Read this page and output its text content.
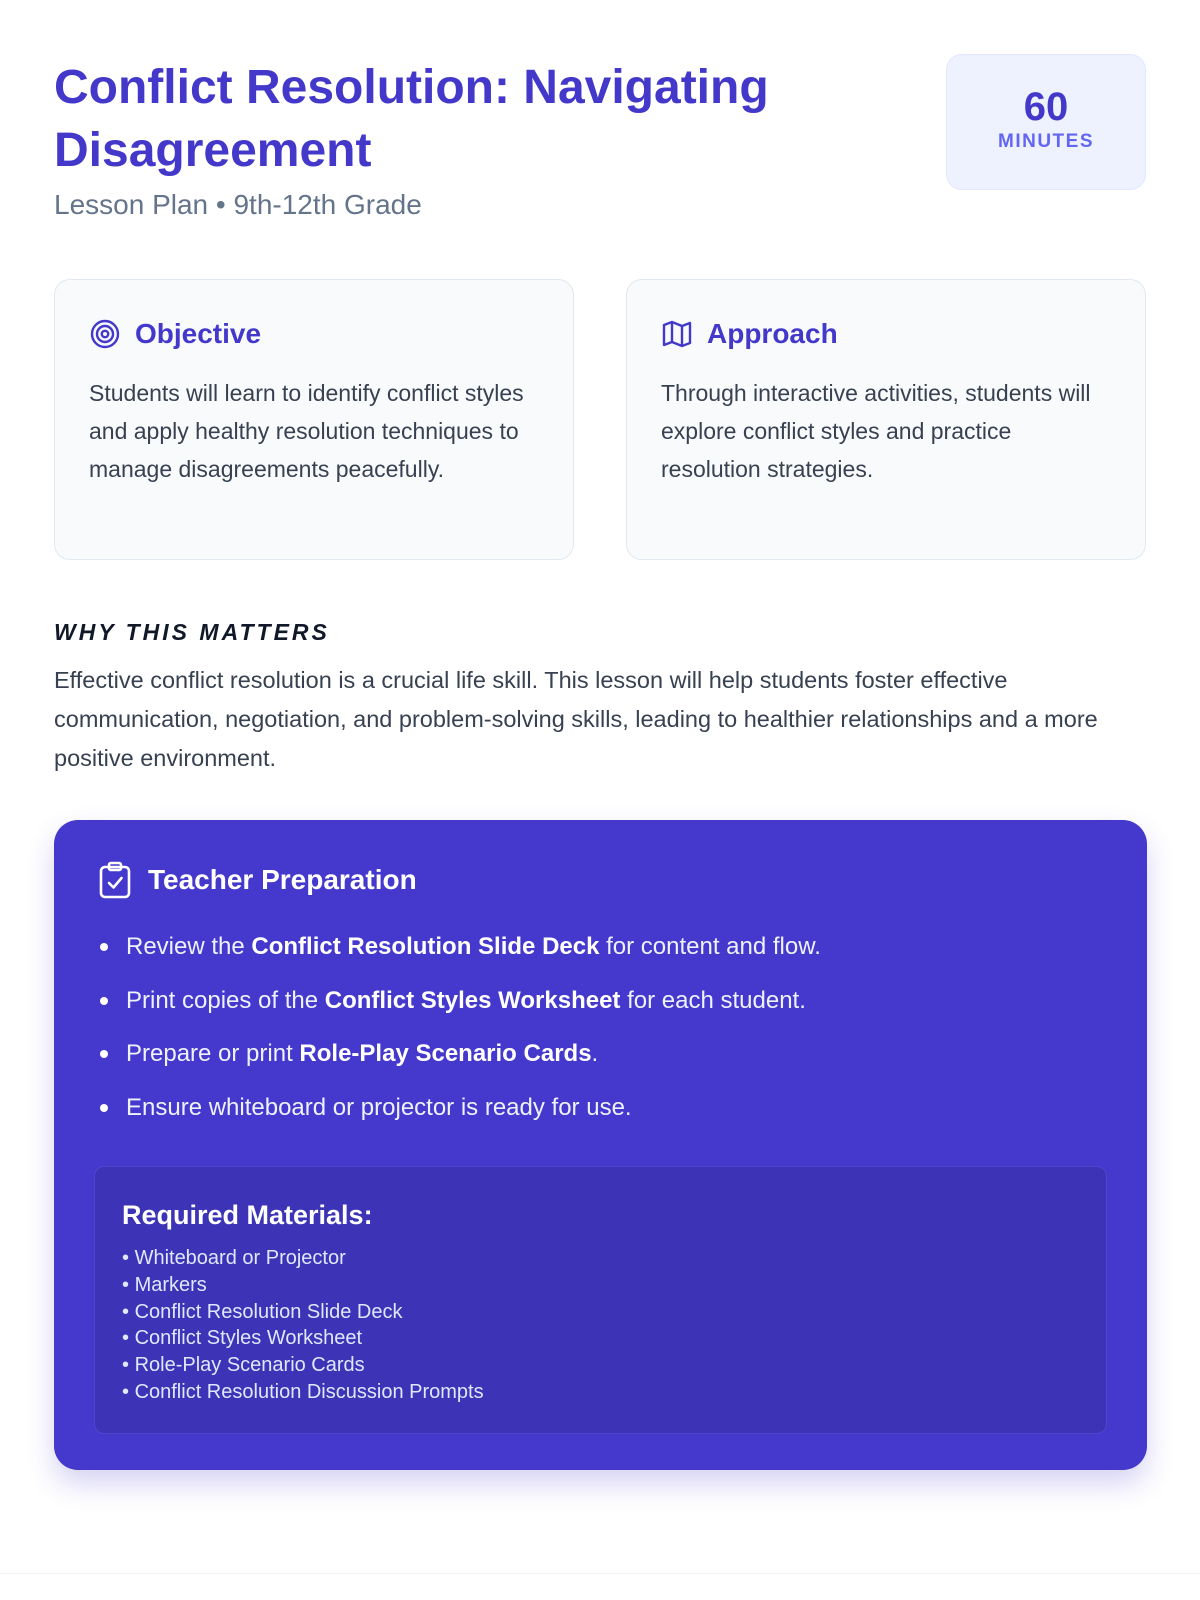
Conflict Resolution: Navigating Disagreement
Lesson Plan • 9th-12th Grade
60
MINUTES
Objective

Students will learn to identify conflict styles and apply healthy resolution techniques to manage disagreements peacefully.

Approach

Through interactive activities, students will explore conflict styles and practice resolution strategies.

WHY THIS MATTERS

Effective conflict resolution is a crucial life skill. This lesson will help students foster effective communication, negotiation, and problem-solving skills, leading to healthier relationships and a more positive environment.

Teacher Preparation
Review the Conflict Resolution Slide Deck for content and flow.
Print copies of the Conflict Styles Worksheet for each student.
Prepare or print Role-Play Scenario Cards.
Ensure whiteboard or projector is ready for use.
Required Materials:
• Whiteboard or Projector
• Markers
• Conflict Resolution Slide Deck
• Conflict Styles Worksheet
• Role-Play Scenario Cards
• Conflict Resolution Discussion Prompts
